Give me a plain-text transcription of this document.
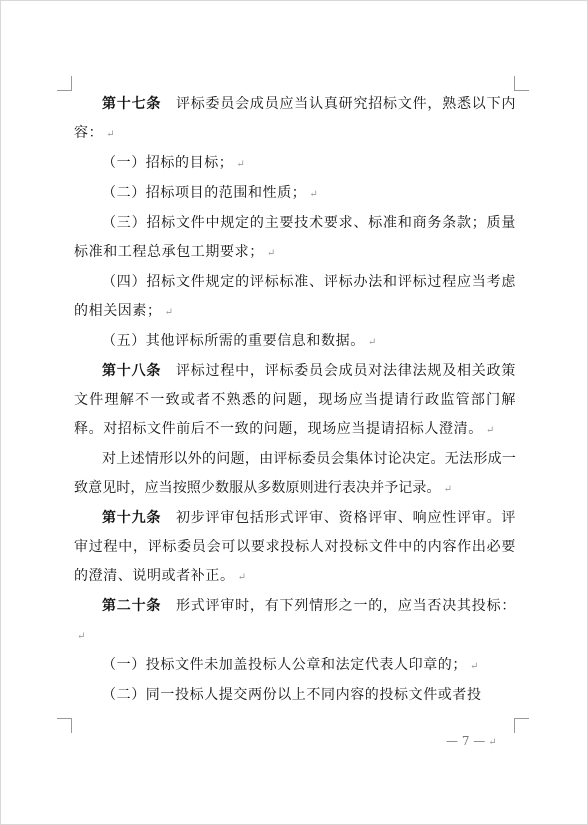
第十七条  评标委员会成员应当认真研究招标文件，熟悉以下内容： ↵

（一）招标的目标； ↵

（二）招标项目的范围和性质； ↵

（三）招标文件中规定的主要技术要求、标准和商务条款；质量标准和工程总承包工期要求； ↵

（四）招标文件规定的评标标准、评标办法和评标过程应当考虑的相关因素； ↵

（五）其他评标所需的重要信息和数据。 ↵

第十八条  评标过程中，评标委员会成员对法律法规及相关政策文件理解不一致或者不熟悉的问题，现场应当提请行政监管部门解释。对招标文件前后不一致的问题，现场应当提请招标人澄清。 ↵

对上述情形以外的问题，由评标委员会集体讨论决定。无法形成一致意见时，应当按照少数服从多数原则进行表决并予记录。 ↵

第十九条  初步评审包括形式评审、资格评审、响应性评审。评审过程中，评标委员会可以要求投标人对投标文件中的内容作出必要的澄清、说明或者补正。 ↵

第二十条  形式评审时，有下列情形之一的，应当否决其投标：↵

（一）投标文件未加盖投标人公章和法定代表人印章的； ↵

（二）同一投标人提交两份以上不同内容的投标文件或者投

— 7 — ↵
